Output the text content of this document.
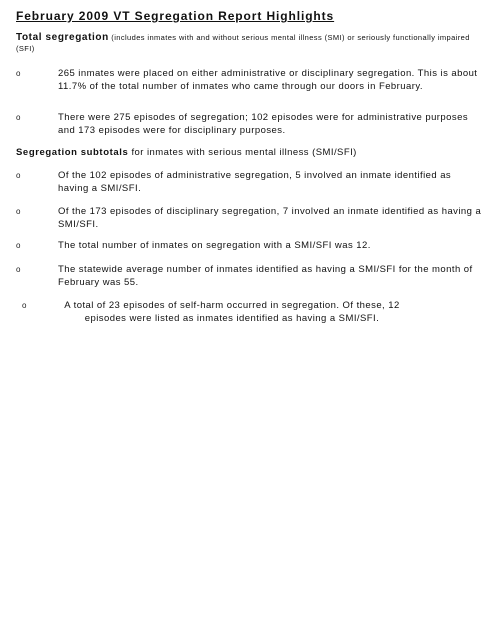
February 2009 VT Segregation Report Highlights
Total segregation (includes inmates with and without serious mental illness (SMI) or seriously functionally impaired (SFI)
o	265 inmates were placed on either administrative or disciplinary segregation. This is about 11.7% of the total number of inmates who came through our doors in February.
o	There were 275 episodes of segregation; 102 episodes were for administrative purposes and 173 episodes were for disciplinary purposes.
Segregation subtotals for inmates with serious mental illness (SMI/SFI)
o	Of the 102 episodes of administrative segregation, 5 involved an inmate identified as having a SMI/SFI.
o	Of the 173 episodes of disciplinary segregation, 7 involved an inmate identified as having a SMI/SFI.
o	The total number of inmates on segregation with a SMI/SFI was 12.
o	The statewide average number of inmates identified as having a SMI/SFI for the month of February was 55.
o	A total of 23 episodes of self-harm occurred in segregation. Of these, 12 episodes were listed as inmates identified as having a SMI/SFI.
